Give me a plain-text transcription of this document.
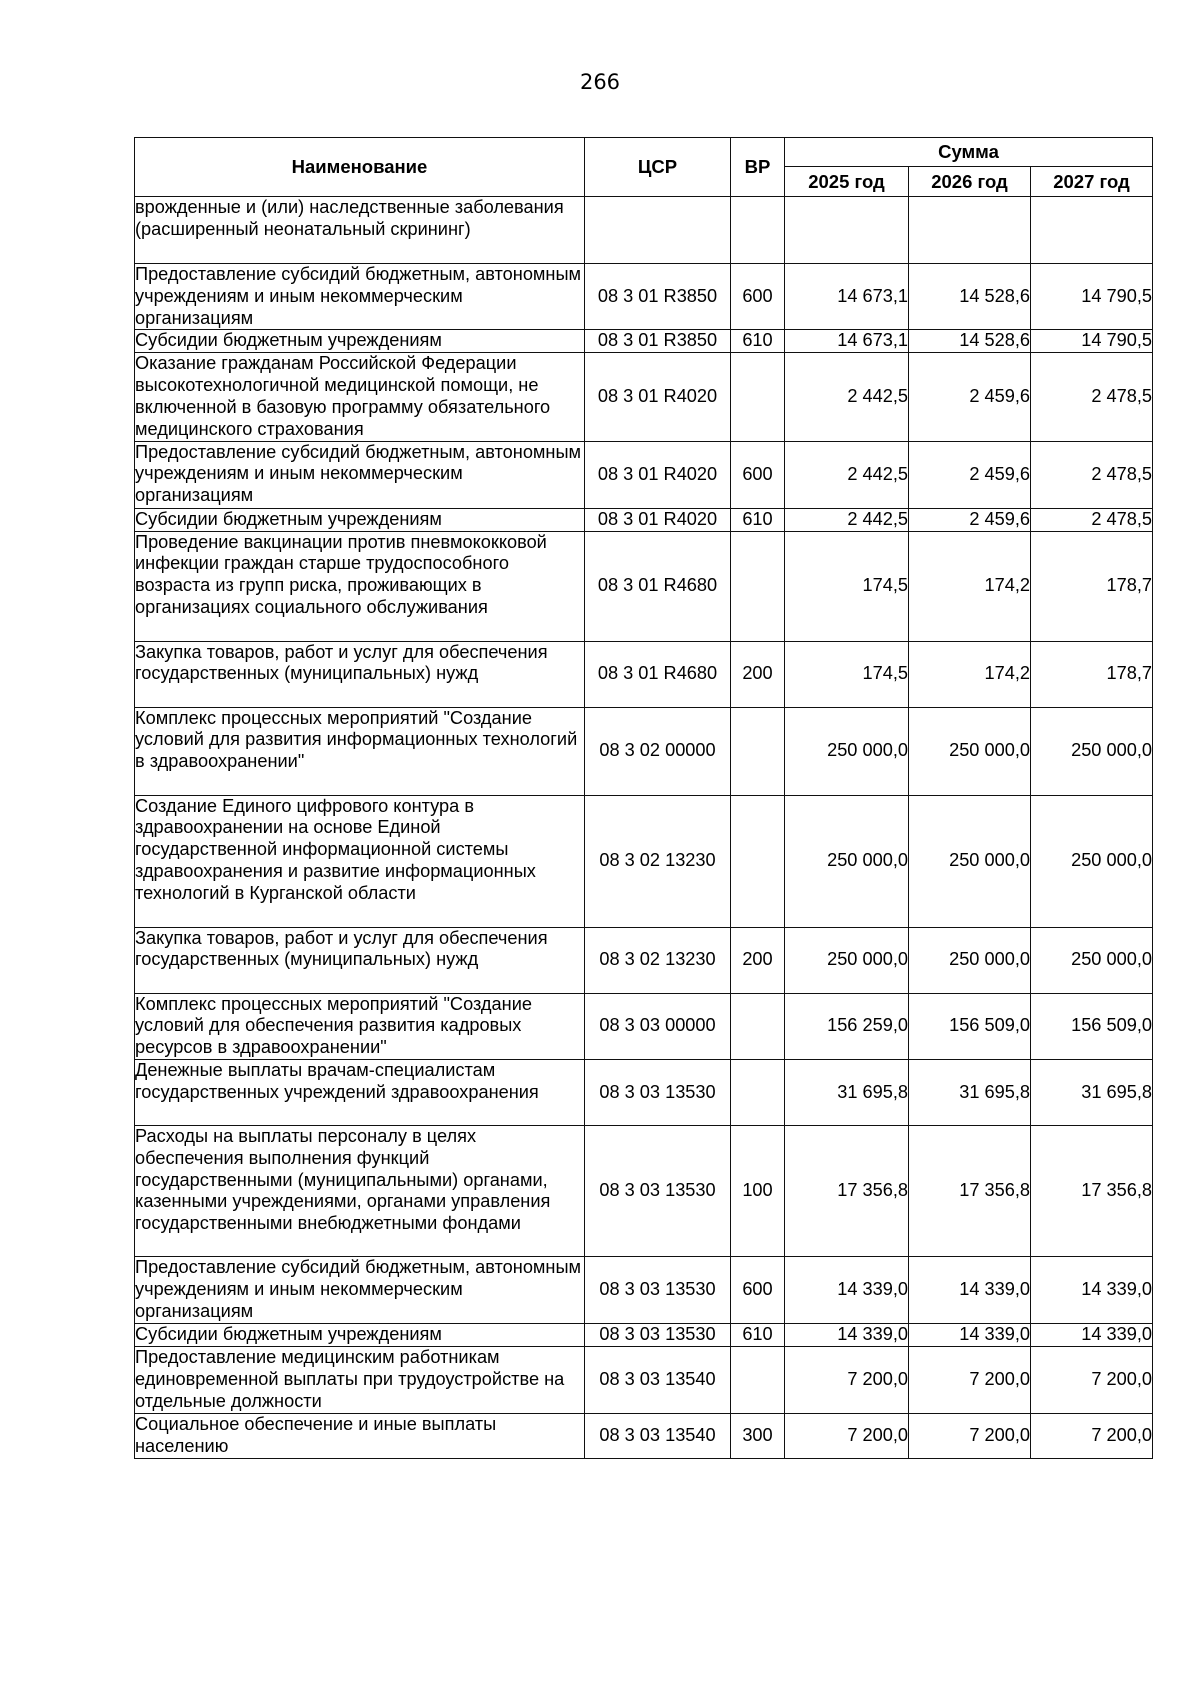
266
Наименование	ЦСР	ВР	Сумма		
			2025 год	2026 год	2027 год
врожденные и (или) наследственные заболевания (расширенный неонатальный скрининг)					
Предоставление субсидий бюджетным, автономным учреждениям и иным некоммерческим организациям	08 3 01 R3850	600	14 673,1	14 528,6	14 790,5
Субсидии бюджетным учреждениям	08 3 01 R3850	610	14 673,1	14 528,6	14 790,5
Оказание гражданам Российской Федерации высокотехнологичной медицинской помощи, не включенной в базовую программу обязательного медицинского страхования	08 3 01 R4020		2 442,5	2 459,6	2 478,5
Предоставление субсидий бюджетным, автономным учреждениям и иным некоммерческим организациям	08 3 01 R4020	600	2 442,5	2 459,6	2 478,5
Субсидии бюджетным учреждениям	08 3 01 R4020	610	2 442,5	2 459,6	2 478,5
Проведение вакцинации против пневмококковой инфекции граждан старше трудоспособного возраста из групп риска, проживающих в организациях социального обслуживания	08 3 01 R4680		174,5	174,2	178,7
Закупка товаров, работ и услуг для обеспечения государственных (муниципальных) нужд	08 3 01 R4680	200	174,5	174,2	178,7
Комплекс процессных мероприятий "Создание условий для развития информационных технологий в здравоохранении"	08 3 02 00000		250 000,0	250 000,0	250 000,0
Создание Единого цифрового контура в здравоохранении на основе Единой государственной информационной системы здравоохранения и развитие информационных технологий в Курганской области	08 3 02 13230		250 000,0	250 000,0	250 000,0
Закупка товаров, работ и услуг для обеспечения государственных (муниципальных) нужд	08 3 02 13230	200	250 000,0	250 000,0	250 000,0
Комплекс процессных мероприятий "Создание условий для обеспечения развития кадровых ресурсов в здравоохранении"	08 3 03 00000		156 259,0	156 509,0	156 509,0
Денежные выплаты врачам-специалистам государственных учреждений здравоохранения	08 3 03 13530		31 695,8	31 695,8	31 695,8
Расходы на выплаты персоналу в целях обеспечения выполнения функций государственными (муниципальными) органами, казенными учреждениями, органами управления государственными внебюджетными фондами	08 3 03 13530	100	17 356,8	17 356,8	17 356,8
Предоставление субсидий бюджетным, автономным учреждениям и иным некоммерческим организациям	08 3 03 13530	600	14 339,0	14 339,0	14 339,0
Субсидии бюджетным учреждениям	08 3 03 13530	610	14 339,0	14 339,0	14 339,0
Предоставление медицинским работникам единовременной выплаты при трудоустройстве на отдельные должности	08 3 03 13540		7 200,0	7 200,0	7 200,0
Социальное обеспечение и иные выплаты населению	08 3 03 13540	300	7 200,0	7 200,0	7 200,0
